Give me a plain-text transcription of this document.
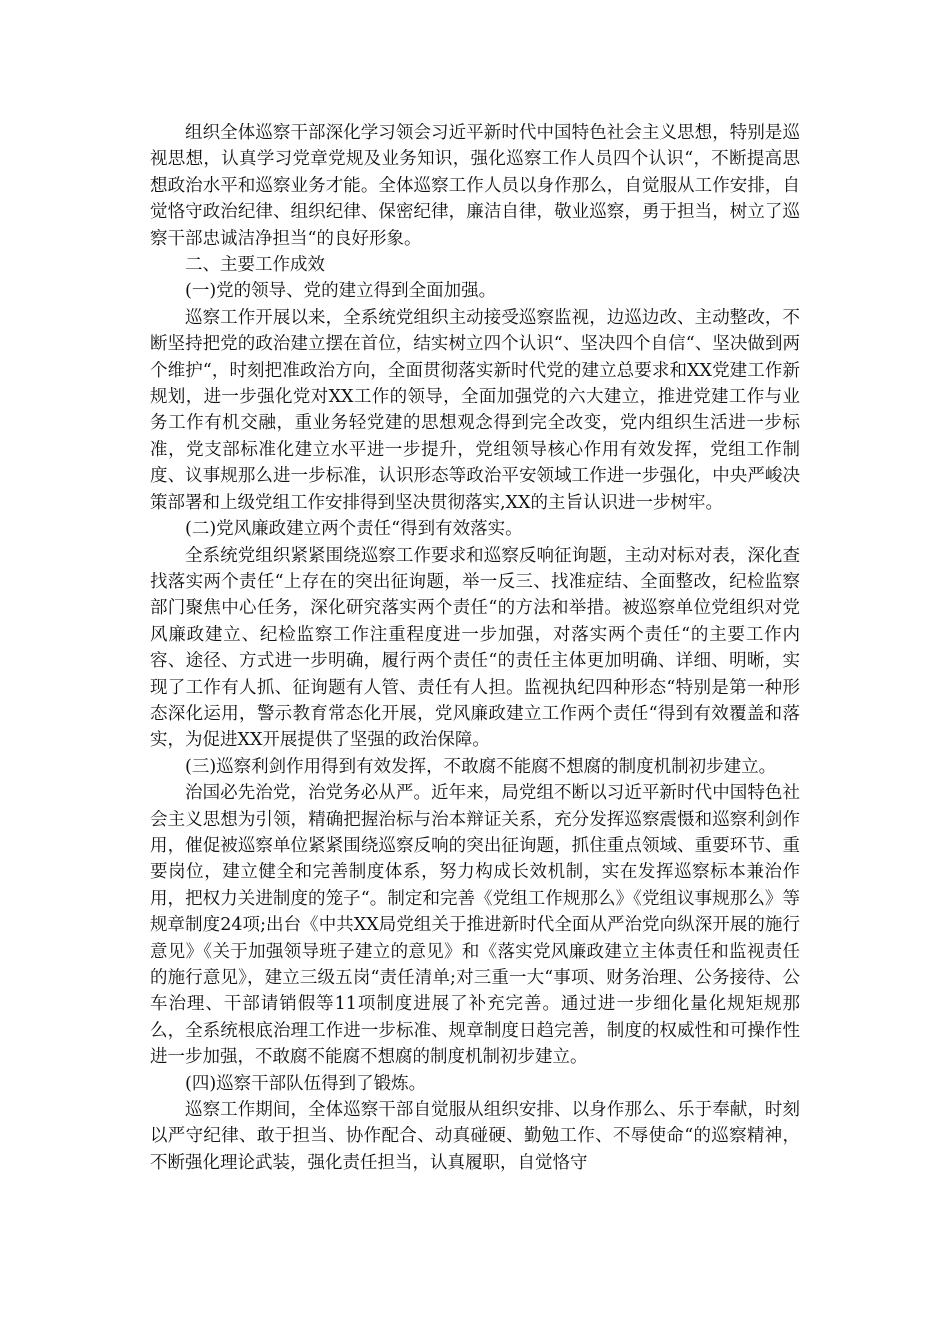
组织全体巡察干部深化学习领会习近平新时代中国特色社会主义思想，特别是巡视思想，认真学习党章党规及业务知识，强化巡察工作人员四个认识“，不断提高思想政治水平和巡察业务才能。全体巡察工作人员以身作那么，自觉服从工作安排，自觉恪守政治纪律、组织纪律、保密纪律，廉洁自律，敬业巡察，勇于担当，树立了巡察干部忠诚洁净担当“的良好形象。

二、主要工作成效

(一)党的领导、党的建立得到全面加强。

巡察工作开展以来，全系统党组织主动接受巡察监视，边巡边改、主动整改，不断坚持把党的政治建立摆在首位，结实树立四个认识“、坚决四个自信“、坚决做到两个维护“，时刻把准政治方向，全面贯彻落实新时代党的建立总要求和XX党建工作新规划，进一步强化党对XX工作的领导，全面加强党的六大建立，推进党建工作与业务工作有机交融，重业务轻党建的思想观念得到完全改变，党内组织生活进一步标准，党支部标准化建立水平进一步提升，党组领导核心作用有效发挥，党组工作制度、议事规那么进一步标准，认识形态等政治平安领域工作进一步强化，中央严峻决策部署和上级党组工作安排得到坚决贯彻落实,XX的主旨认识进一步树牢。

(二)党风廉政建立两个责任“得到有效落实。

全系统党组织紧紧围绕巡察工作要求和巡察反响征询题，主动对标对表，深化查找落实两个责任“上存在的突出征询题，举一反三、找准症结、全面整改，纪检监察部门聚焦中心任务，深化研究落实两个责任“的方法和举措。被巡察单位党组织对党风廉政建立、纪检监察工作注重程度进一步加强，对落实两个责任“的主要工作内容、途径、方式进一步明确，履行两个责任“的责任主体更加明确、详细、明晰，实现了工作有人抓、征询题有人管、责任有人担。监视执纪四种形态“特别是第一种形态深化运用，警示教育常态化开展，党风廉政建立工作两个责任“得到有效覆盖和落实，为促进XX开展提供了坚强的政治保障。

(三)巡察利剑作用得到有效发挥，不敢腐不能腐不想腐的制度机制初步建立。

治国必先治党，治党务必从严。近年来，局党组不断以习近平新时代中国特色社会主义思想为引领，精确把握治标与治本辩证关系，充分发挥巡察震慑和巡察利剑作用，催促被巡察单位紧紧围绕巡察反响的突出征询题，抓住重点领域、重要环节、重要岗位，建立健全和完善制度体系，努力构成长效机制，实在发挥巡察标本兼治作用，把权力关进制度的笼子“。制定和完善《党组工作规那么》《党组议事规那么》等规章制度24项;出台《中共XX局党组关于推进新时代全面从严治党向纵深开展的施行意见》《关于加强领导班子建立的意见》和《落实党风廉政建立主体责任和监视责任的施行意见》，建立三级五岗“责任清单;对三重一大“事项、财务治理、公务接待、公车治理、干部请销假等11项制度进展了补充完善。通过进一步细化量化规矩规那么，全系统根底治理工作进一步标准、规章制度日趋完善，制度的权威性和可操作性进一步加强，不敢腐不能腐不想腐的制度机制初步建立。

(四)巡察干部队伍得到了锻炼。

巡察工作期间，全体巡察干部自觉服从组织安排、以身作那么、乐于奉献，时刻以严守纪律、敢于担当、协作配合、动真碰硬、勤勉工作、不辱使命“的巡察精神，不断强化理论武装，强化责任担当，认真履职，自觉恪守
